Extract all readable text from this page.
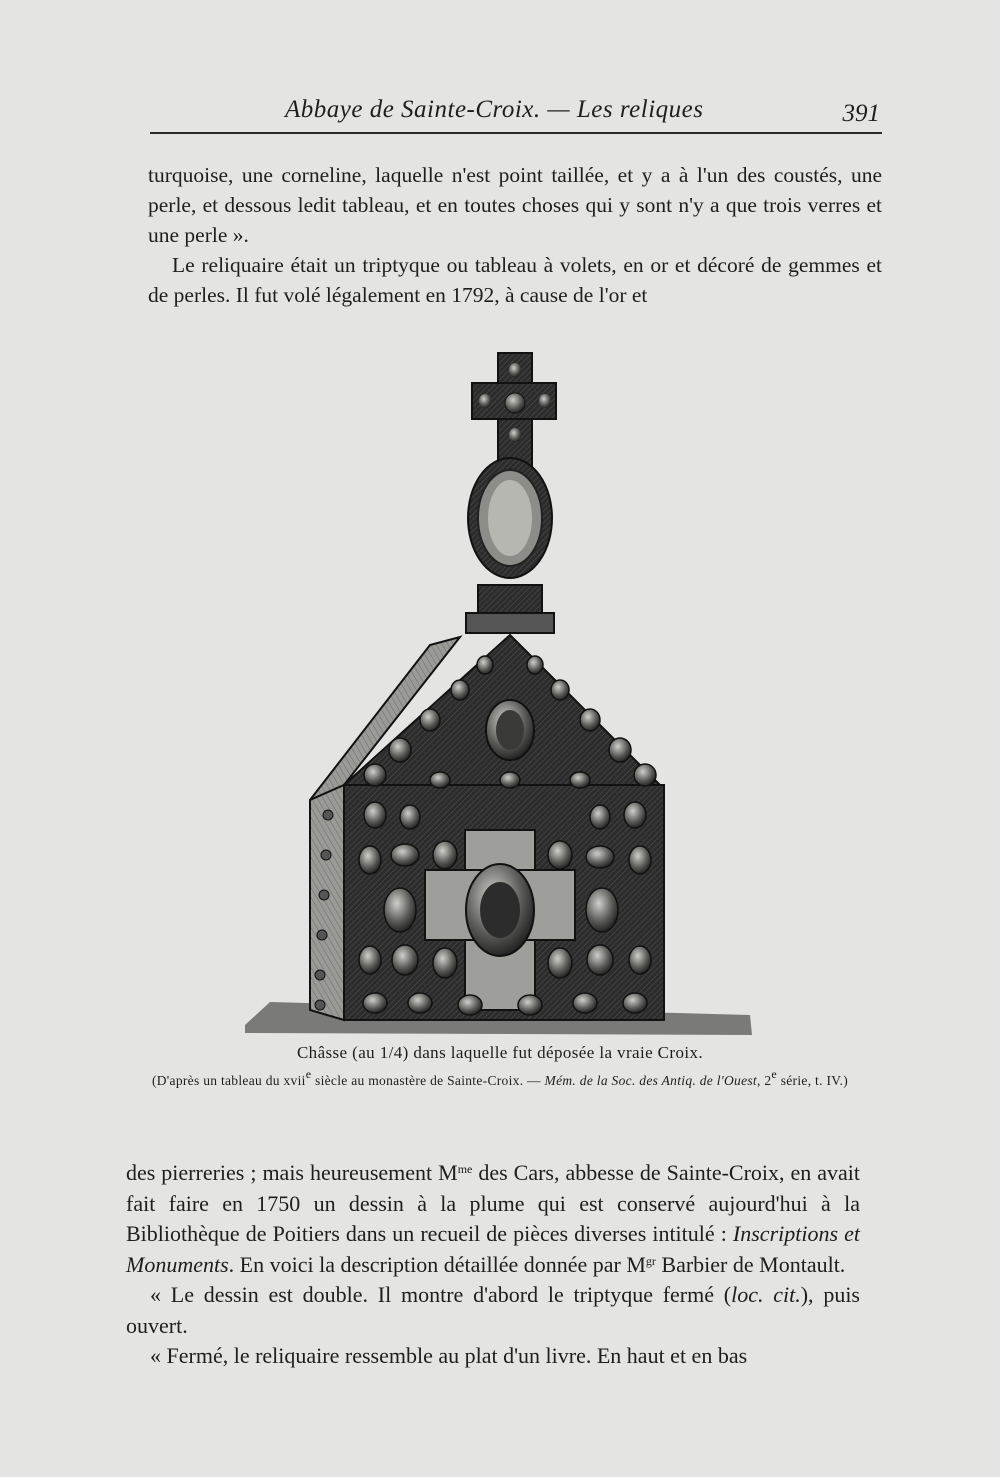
Abbaye de Sainte-Croix. — Les reliques	391

turquoise, une corneline, laquelle n'est point taillée, et y a à l'un des coustés, une perle, et dessous ledit tableau, et en toutes choses qui y sont n'y a que trois verres et une perle ».

Le reliquaire était un triptyque ou tableau à volets, en or et décoré de gemmes et de perles. Il fut volé légalement en 1792, à cause de l'or et

Châsse (au 1/4) dans laquelle fut déposée la vraie Croix.
(D'après un tableau du xvii$^e$ siècle au monastère de Sainte-Croix. — Mém. de la Soc. des Antiq. de l'Ouest, 2e série, t. IV.)

des pierreries ; mais heureusement $M^{me}$ des Cars, abbesse de Sainte-Croix, en avait fait faire en 1750 un dessin à la plume qui est conservé aujourd'hui à la Bibliothèque de Poitiers dans un recueil de pièces diverses intitulé : Inscriptions et Monuments. En voici la description détaillée donnée par $M^{gr}$ Barbier de Montault.

« Le dessin est double. Il montre d'abord le triptyque fermé (loc. cit.), puis ouvert.

« Fermé, le reliquaire ressemble au plat d'un livre. En haut et en bas
